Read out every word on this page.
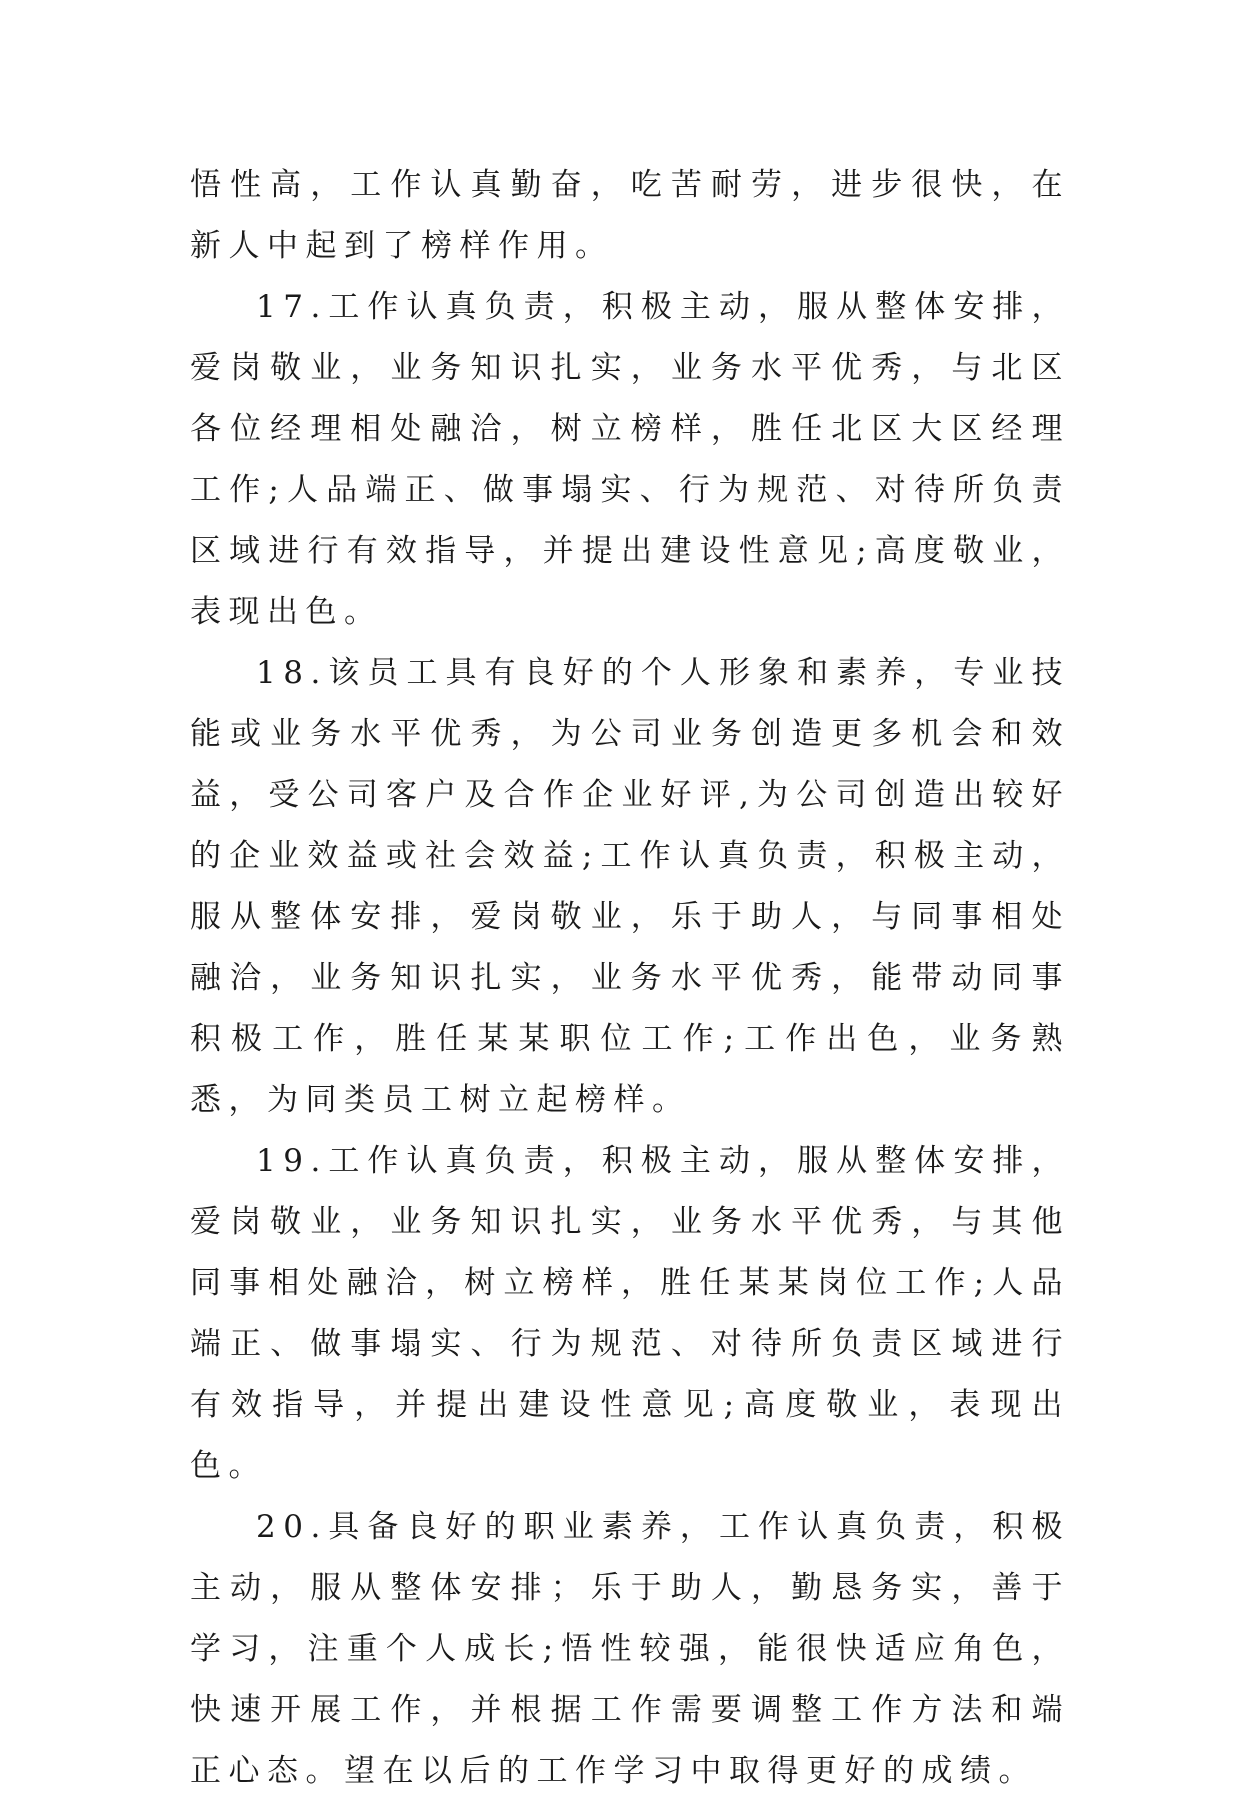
悟性高，工作认真勤奋，吃苦耐劳，进步很快，在新人中起到了榜样作用。

17.工作认真负责，积极主动，服从整体安排，爱岗敬业，业务知识扎实，业务水平优秀，与北区各位经理相处融洽，树立榜样，胜任北区大区经理工作;人品端正、做事塌实、行为规范、对待所负责区域进行有效指导，并提出建设性意见;高度敬业，表现出色。

18.该员工具有良好的个人形象和素养，专业技能或业务水平优秀，为公司业务创造更多机会和效益，受公司客户及合作企业好评,为公司创造出较好的企业效益或社会效益;工作认真负责，积极主动，服从整体安排，爱岗敬业，乐于助人，与同事相处融洽，业务知识扎实，业务水平优秀，能带动同事积极工作，胜任某某职位工作;工作出色，业务熟悉，为同类员工树立起榜样。

19.工作认真负责，积极主动，服从整体安排，爱岗敬业，业务知识扎实，业务水平优秀，与其他同事相处融洽，树立榜样，胜任某某岗位工作;人品端正、做事塌实、行为规范、对待所负责区域进行有效指导，并提出建设性意见;高度敬业，表现出色。

20.具备良好的职业素养，工作认真负责，积极主动，服从整体安排；乐于助人，勤恳务实，善于学习，注重个人成长;悟性较强，能很快适应角色，快速开展工作，并根据工作需要调整工作方法和端正心态。望在以后的工作学习中取得更好的成绩。
